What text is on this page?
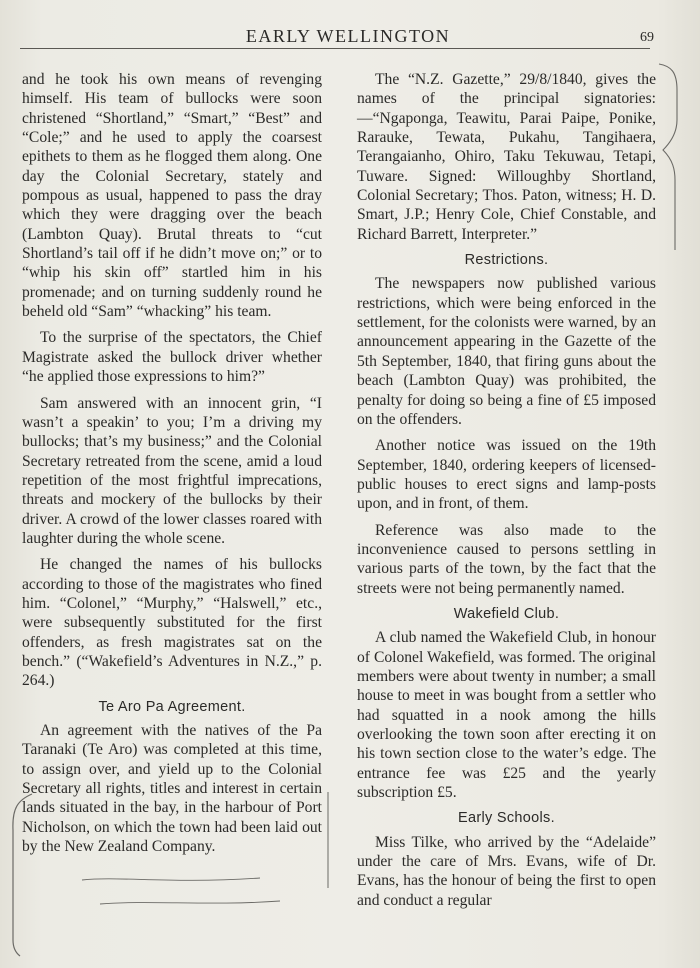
EARLY WELLINGTON	69

and he took his own means of revenging himself. His team of bullocks were soon christened “Shortland,” “Smart,” “Best” and “Cole;” and he used to apply the coarsest epithets to them as he flogged them along. One day the Colonial Secretary, stately and pompous as usual, happened to pass the dray which they were dragging over the beach (Lambton Quay). Brutal threats to “cut Shortland’s tail off if he didn’t move on;” or to “whip his skin off” startled him in his promenade; and on turning suddenly round he beheld old “Sam” “whacking” his team.

To the surprise of the spectators, the Chief Magistrate asked the bullock driver whether “he applied those expressions to him?”

Sam answered with an innocent grin, “I wasn’t a speakin’ to you; I’m a driving my bullocks; that’s my business;” and the Colonial Secretary retreated from the scene, amid a loud repetition of the most frightful imprecations, threats and mockery of the bullocks by their driver. A crowd of the lower classes roared with laughter during the whole scene.

He changed the names of his bullocks according to those of the magistrates who fined him. “Colonel,” “Murphy,” “Halswell,” etc., were subsequently substituted for the first offenders, as fresh magistrates sat on the bench.” (“Wakefield’s Adventures in N.Z.,” p. 264.)

Te Aro Pa Agreement.

An agreement with the natives of the Pa Taranaki (Te Aro) was completed at this time, to assign over, and yield up to the Colonial Secretary all rights, titles and interest in certain lands situated in the bay, in the harbour of Port Nicholson, on which the town had been laid out by the New Zealand Company.

The “N.Z. Gazette,” 29/8/1840, gives the names of the principal signatories:—“Ngaponga, Teawitu, Parai Paipe, Ponike, Rarauke, Tewata, Pukahu, Tangihaera, Terangaianho, Ohiro, Taku Tekuwau, Tetapi, Tuware. Signed: Willoughby Shortland, Colonial Secretary; Thos. Paton, witness; H. D. Smart, J.P.; Henry Cole, Chief Constable, and Richard Barrett, Interpreter.”

Restrictions.

The newspapers now published various restrictions, which were being enforced in the settlement, for the colonists were warned, by an announcement appearing in the Gazette of the 5th September, 1840, that firing guns about the beach (Lambton Quay) was prohibited, the penalty for doing so being a fine of £5 imposed on the offenders.

Another notice was issued on the 19th September, 1840, ordering keepers of licensed-public houses to erect signs and lamp-posts upon, and in front, of them.

Reference was also made to the inconvenience caused to persons settling in various parts of the town, by the fact that the streets were not being permanently named.

Wakefield Club.

A club named the Wakefield Club, in honour of Colonel Wakefield, was formed. The original members were about twenty in number; a small house to meet in was bought from a settler who had squatted in a nook among the hills overlooking the town soon after erecting it on his town section close to the water’s edge. The entrance fee was £25 and the yearly subscription £5.

Early Schools.

Miss Tilke, who arrived by the “Adelaide” under the care of Mrs. Evans, wife of Dr. Evans, has the honour of being the first to open and conduct a regular
